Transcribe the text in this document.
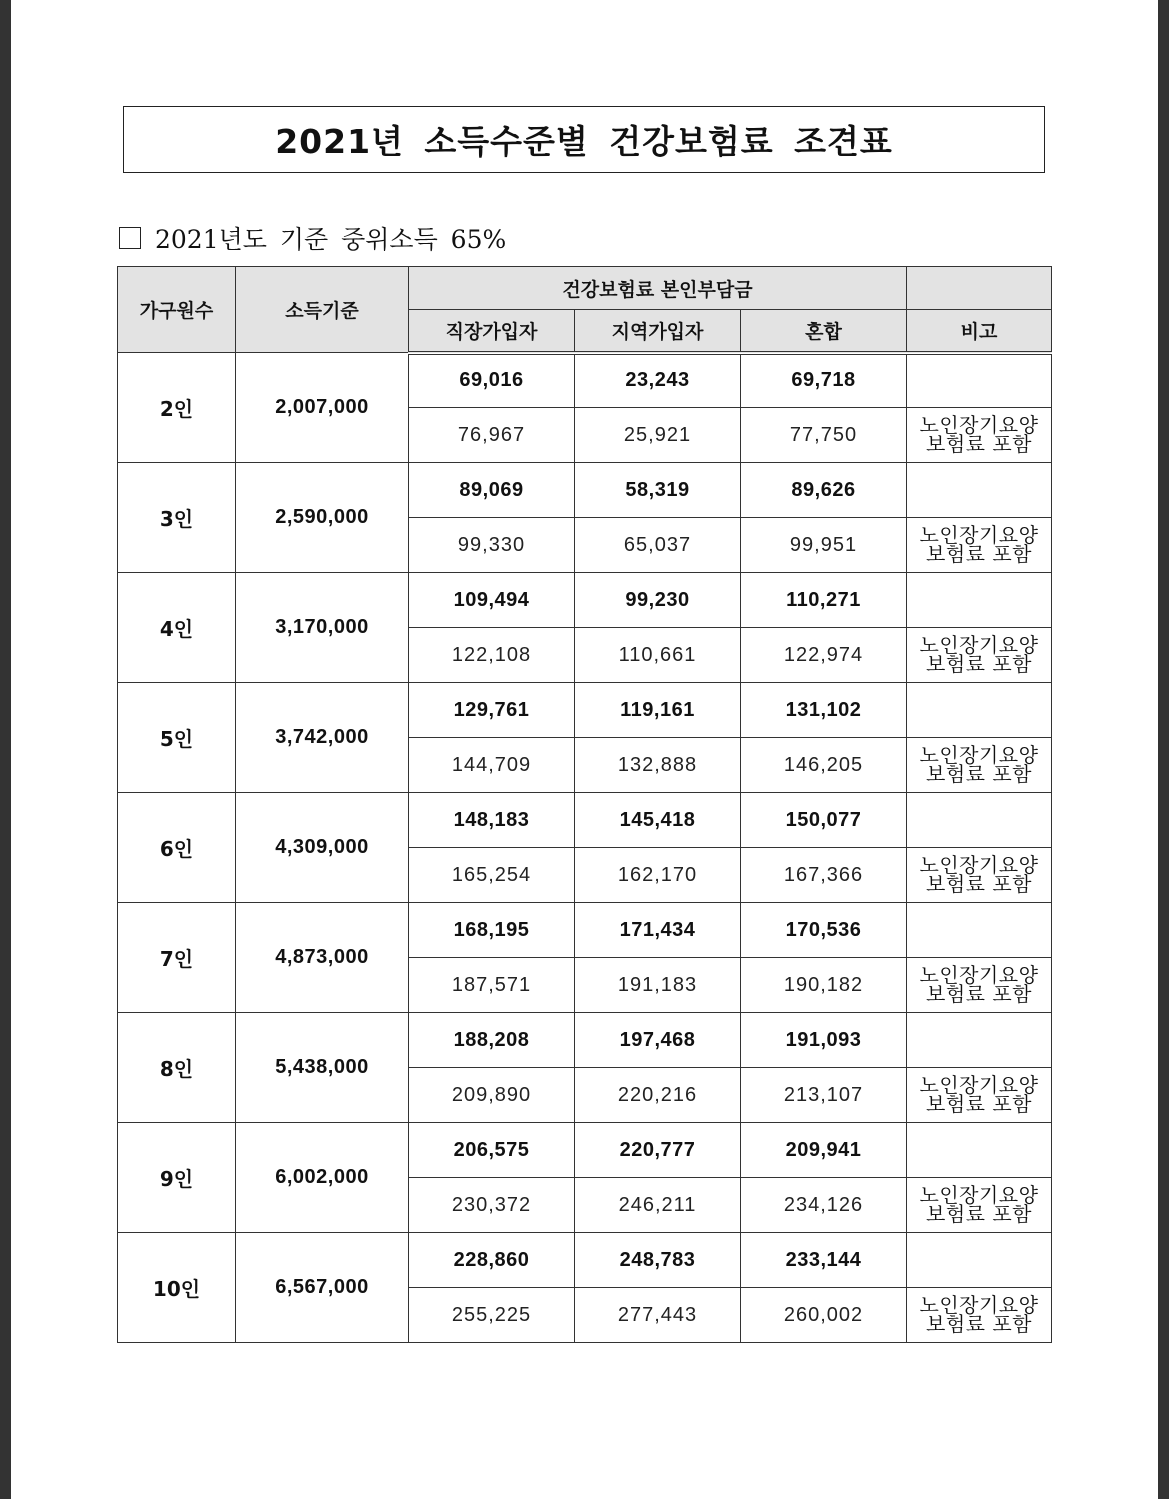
2021년 소득수준별 건강보험료 조견표
2021년도 기준 중위소득 65%
가구원수	소득기준	건강보험료 본인부담금			
		직장가입자	지역가입자	혼합	비고
2인	2,007,000	69,016	23,243	69,718	
		76,967	25,921	77,750	노인장기요양
보험료 포함

3인	2,590,000	89,069	58,319	89,626	
		99,330	65,037	99,951	노인장기요양
보험료 포함

4인	3,170,000	109,494	99,230	110,271	
		122,108	110,661	122,974	노인장기요양
보험료 포함

5인	3,742,000	129,761	119,161	131,102	
		144,709	132,888	146,205	노인장기요양
보험료 포함

6인	4,309,000	148,183	145,418	150,077	
		165,254	162,170	167,366	노인장기요양
보험료 포함

7인	4,873,000	168,195	171,434	170,536	
		187,571	191,183	190,182	노인장기요양
보험료 포함

8인	5,438,000	188,208	197,468	191,093	
		209,890	220,216	213,107	노인장기요양
보험료 포함

9인	6,002,000	206,575	220,777	209,941	
		230,372	246,211	234,126	노인장기요양
보험료 포함

10인	6,567,000	228,860	248,783	233,144	
		255,225	277,443	260,002	노인장기요양
보험료 포함
